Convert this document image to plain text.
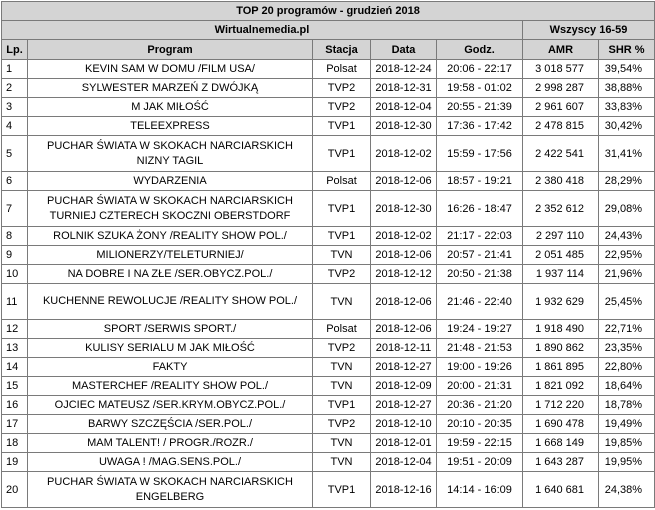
TOP 20 programów - grudzień 2018						
Wirtualnemedia.pl					Wszyscy 16-59	
Lp.	Program	Stacja	Data	Godz.	AMR	SHR %
1	KEVIN SAM W DOMU /FILM USA/	Polsat	2018-12-24	20:06 - 22:17	3 018 577	39,54%
2	SYLWESTER MARZEŃ Z DWÓJKĄ	TVP2	2018-12-31	19:58 - 01:02	2 998 287	38,88%
3	M JAK MIŁOŚĆ	TVP2	2018-12-04	20:55 - 21:39	2 961 607	33,83%
4	TELEEXPRESS	TVP1	2018-12-30	17:36 - 17:42	2 478 815	30,42%
5	PUCHAR ŚWIATA W SKOKACH NARCIARSKICH NIZNY TAGIL	TVP1	2018-12-02	15:59 - 17:56	2 422 541	31,41%
6	WYDARZENIA	Polsat	2018-12-06	18:57 - 19:21	2 380 418	28,29%
7	PUCHAR ŚWIATA W SKOKACH NARCIARSKICH TURNIEJ CZTERECH SKOCZNI OBERSTDORF	TVP1	2018-12-30	16:26 - 18:47	2 352 612	29,08%
8	ROLNIK SZUKA ŻONY /REALITY SHOW POL./	TVP1	2018-12-02	21:17 - 22:03	2 297 110	24,43%
9	MILIONERZY/TELETURNIEJ/	TVN	2018-12-06	20:57 - 21:41	2 051 485	22,95%
10	NA DOBRE I NA ZŁE /SER.OBYCZ.POL./	TVP2	2018-12-12	20:50 - 21:38	1 937 114	21,96%
11	KUCHENNE REWOLUCJE /REALITY SHOW POL./	TVN	2018-12-06	21:46 - 22:40	1 932 629	25,45%
12	SPORT /SERWIS SPORT./	Polsat	2018-12-06	19:24 - 19:27	1 918 490	22,71%
13	KULISY SERIALU M JAK MIŁOŚĆ	TVP2	2018-12-11	21:48 - 21:53	1 890 862	23,35%
14	FAKTY	TVN	2018-12-27	19:00 - 19:26	1 861 895	22,80%
15	MASTERCHEF /REALITY SHOW POL./	TVN	2018-12-09	20:00 - 21:31	1 821 092	18,64%
16	OJCIEC MATEUSZ /SER.KRYM.OBYCZ.POL./	TVP1	2018-12-27	20:36 - 21:20	1 712 220	18,78%
17	BARWY SZCZĘŚCIA /SER.POL./	TVP2	2018-12-10	20:10 - 20:35	1 690 478	19,49%
18	MAM TALENT! / PROGR./ROZR./	TVN	2018-12-01	19:59 - 22:15	1 668 149	19,85%
19	UWAGA ! /MAG.SENS.POL./	TVN	2018-12-04	19:51 - 20:09	1 643 287	19,95%
20	PUCHAR ŚWIATA W SKOKACH NARCIARSKICH ENGELBERG	TVP1	2018-12-16	14:14 - 16:09	1 640 681	24,38%
